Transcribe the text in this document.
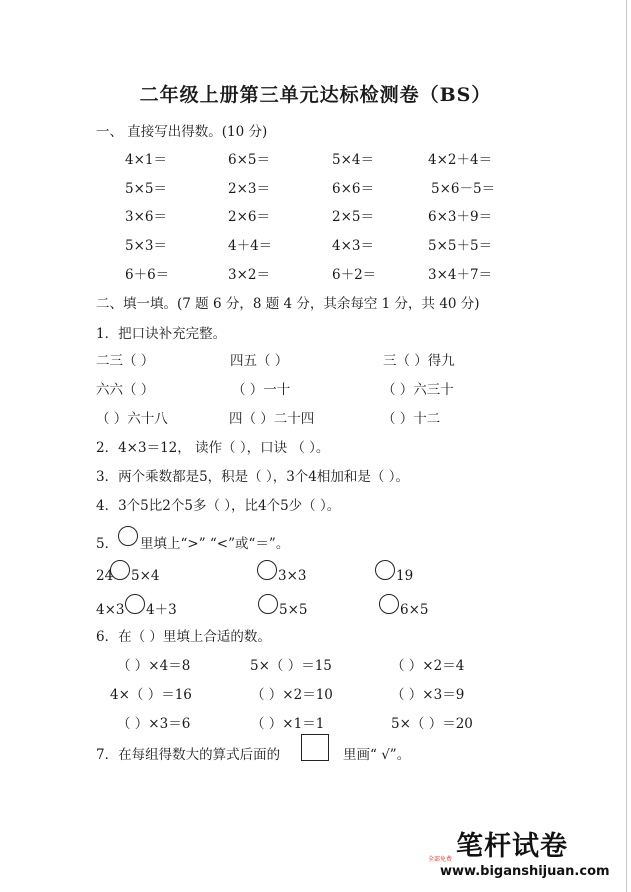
二年级上册第三单元达标检测卷（BS）
一、 直接写出得数。(10 分)
4×1＝	6×5＝	5×4＝	4×2＋4＝
5×5＝	2×3＝	6×6＝	5×6－5＝
3×6＝	2×6＝	2×5＝	6×3＋9＝
5×3＝	4＋4＝	4×3＝	5×5＋5＝
6＋6＝	3×2＝	6＋2＝	3×4＋7＝
二、填一填。(7 题 6 分，8 题 4 分，其余每空 1 分，共 40 分)
1．把口诀补充完整。
二三（ ）	四五（ ）	三（ ）得九
六六（ ）	（ ）一十	（ ）六三十
（ ）六十八	四（ ）二十四	（ ）十二
2．4×3＝12， 读作（ ），口诀 （ ）。
3．两个乘数都是5，积是（ ），3个4相加和是（ ）。
4．3个5比2个5多（ ），比4个5少（ ）。
5． 里填上“>” “<”或“＝”。
24 5×4	3×3	19
4×3 4＋3	5×5	6×5
6．在（ ）里填上合适的数。
（ ）×4＝8	5×（ ）＝15	（ ）×2＝4
4×（ ）＝16	（ ）×2＝10	（ ）×3＝9
（ ）×3＝6	（ ）×1＝1	5×（ ）＝20
7．在每组得数大的算式后面的	里画“ √”。
笔杆试卷
全部免费
www.biganshijuan.com
